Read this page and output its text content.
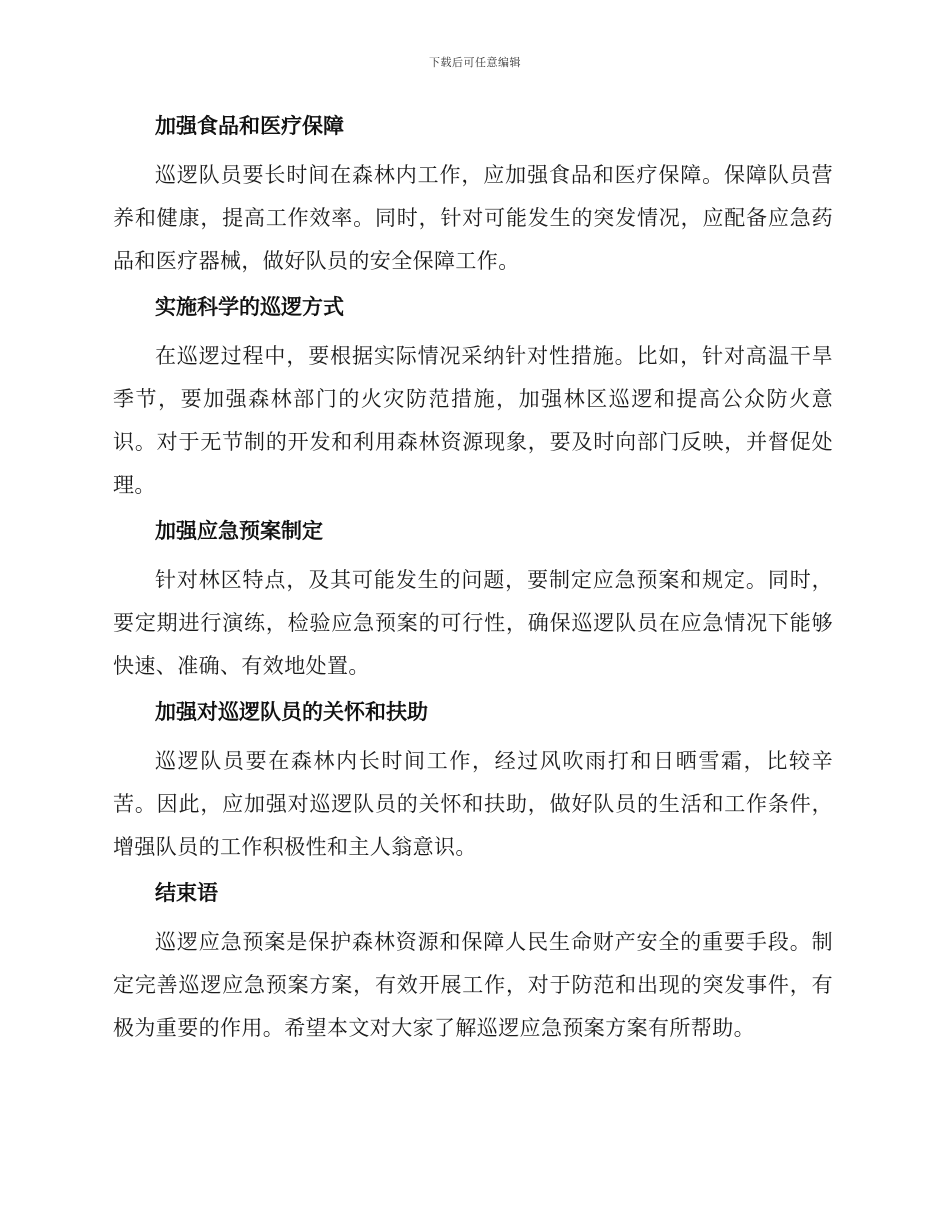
下载后可任意编辑
加强食品和医疗保障

巡逻队员要长时间在森林内工作，应加强食品和医疗保障。保障队员营养和健康，提高工作效率。同时，针对可能发生的突发情况，应配备应急药品和医疗器械，做好队员的安全保障工作。

实施科学的巡逻方式

在巡逻过程中，要根据实际情况采纳针对性措施。比如，针对高温干旱季节，要加强森林部门的火灾防范措施，加强林区巡逻和提高公众防火意识。对于无节制的开发和利用森林资源现象，要及时向部门反映，并督促处理。

加强应急预案制定

针对林区特点，及其可能发生的问题，要制定应急预案和规定。同时，要定期进行演练，检验应急预案的可行性，确保巡逻队员在应急情况下能够快速、准确、有效地处置。

加强对巡逻队员的关怀和扶助

巡逻队员要在森林内长时间工作，经过风吹雨打和日晒雪霜，比较辛苦。因此，应加强对巡逻队员的关怀和扶助，做好队员的生活和工作条件，增强队员的工作积极性和主人翁意识。

结束语

巡逻应急预案是保护森林资源和保障人民生命财产安全的重要手段。制定完善巡逻应急预案方案，有效开展工作，对于防范和出现的突发事件，有极为重要的作用。希望本文对大家了解巡逻应急预案方案有所帮助。
